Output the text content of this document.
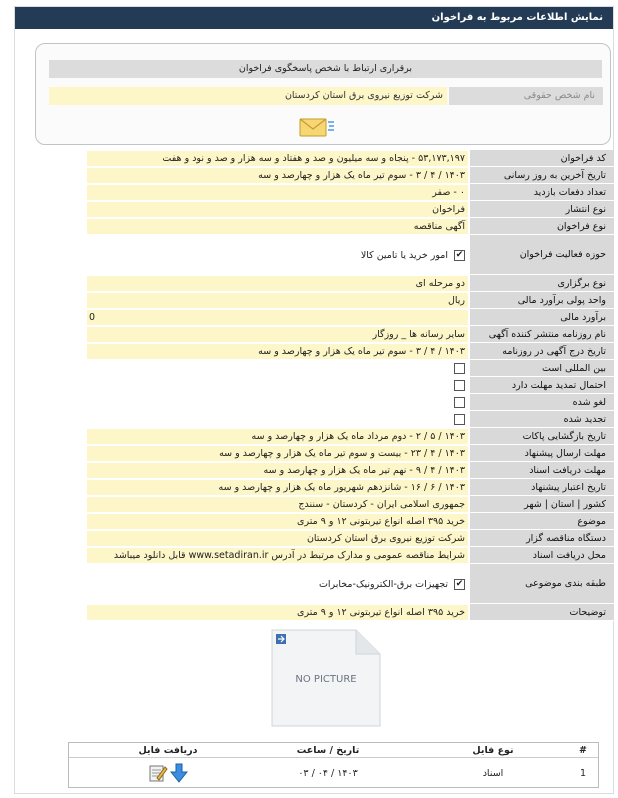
نمایش اطلاعات مربوط به فراخوان
برقراری ارتباط با شخص پاسخگوی فراخوان
نام شخص حقوقی
شرکت توزیع نیروی برق استان کردستان
کد فراخوان
۵۳,۱۷۳,۱۹۷ - پنجاه و سه میلیون و صد و هفتاد و سه هزار و صد و نود و هفت
تاریخ آخرین به روز رسانی
۱۴۰۳ / ۴ / ۳ - سوم تیر ماه یک هزار و چهارصد و سه
تعداد دفعات بازدید
۰ - صفر
نوع انتشار
فراخوان
نوع فراخوان
آگهی مناقصه
حوزه فعالیت فراخوان
✔
امور خرید یا تامین کالا
نوع برگزاری
دو مرحله ای
واحد پولی برآورد مالی
ریال
برآورد مالی
0
نام روزنامه منتشر کننده آگهی
سایر رسانه ها _ روزگار
تاریخ درج آگهی در روزنامه
۱۴۰۳ / ۴ / ۳ - سوم تیر ماه یک هزار و چهارصد و سه
بین المللی است
احتمال تمدید مهلت دارد
لغو شده
تجدید شده
تاریخ بازگشایی پاکات
۱۴۰۳ / ۵ / ۲ - دوم مرداد ماه یک هزار و چهارصد و سه
مهلت ارسال پیشنهاد
۱۴۰۳ / ۴ / ۲۳ - بیست و سوم تیر ماه یک هزار و چهارصد و سه
مهلت دریافت اسناد
۱۴۰۳ / ۴ / ۹ - نهم تیر ماه یک هزار و چهارصد و سه
تاریخ اعتبار پیشنهاد
۱۴۰۳ / ۶ / ۱۶ - شانزدهم شهریور ماه یک هزار و چهارصد و سه
کشور | استان | شهر
جمهوری اسلامی ایران - کردستان - سنندج
موضوع
خرید ۳۹۵ اصله انواع تیربتونی ۱۲ و ۹ متری
دستگاه مناقصه گزار
شرکت توزیع نیروی برق استان کردستان
محل دریافت اسناد
شرایط مناقصه عمومی و مدارک مرتبط در آدرس www.setadiran.ir قابل دانلود میباشد
طبقه بندی موضوعی
✔
تجهیزات برق-الکترونیک-مخابرات
توضیحات
خرید ۳۹۵ اصله انواع تیربتونی ۱۲ و ۹ متری
NO PICTURE
#
نوع فایل
تاریخ / ساعت
دریافت فایل
1
اسناد
۱۴۰۳ / ۰۴ / ۰۳
